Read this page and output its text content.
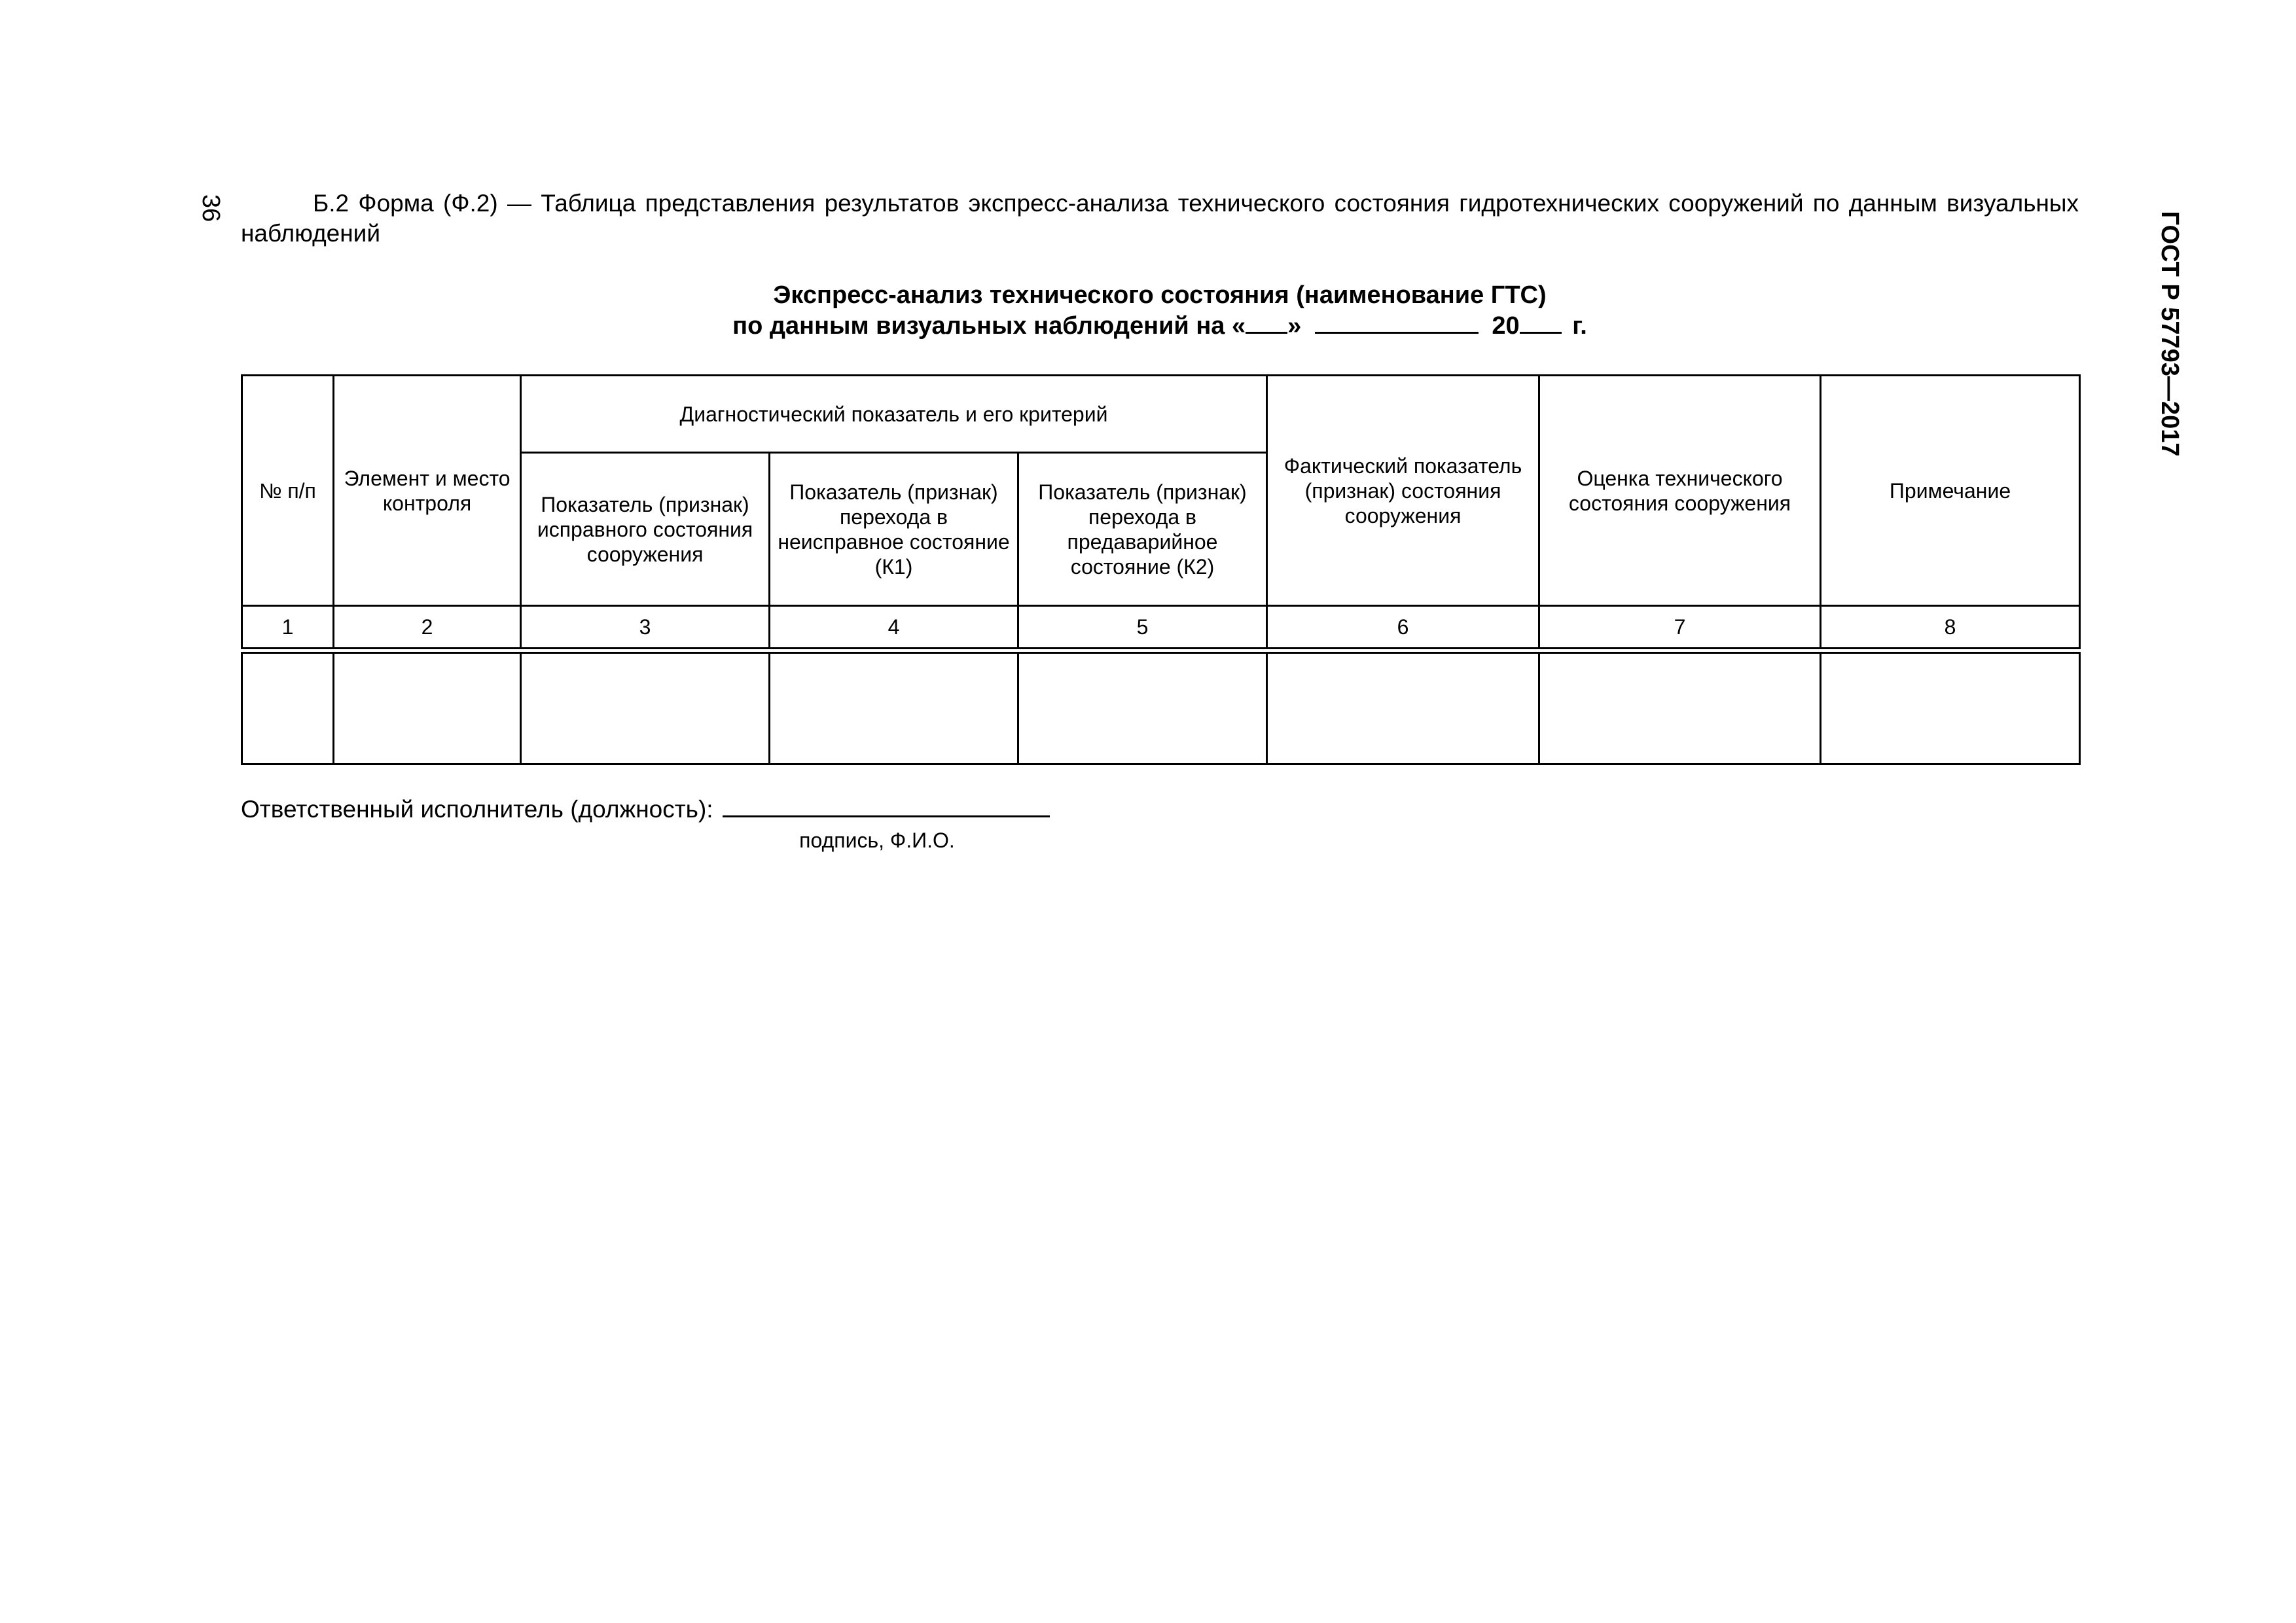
36
ГОСТ Р 57793—2017
Б.2 Форма (Ф.2) — Таблица представления результатов экспресс-анализа технического состояния гидротехнических сооружений по данным визуальных наблюдений
Экспресс-анализ технического состояния (наименование ГТС)
по данным визуальных наблюдений на « »	20 г.
№ п/п	Элемент и место контроля	Диагностический показатель и его критерий			Фактический показатель (признак) состояния сооружения	Оценка технического состояния сооружения	Примечание
		Показатель (признак) исправного состояния сооружения	Показатель (признак) перехода в неисправное состояние (К1)	Показатель (признак) перехода в предаварийное состояние (К2)			
1	2	3	4	5	6	7	8

Ответственный исполнитель (должность):
подпись, Ф.И.О.
